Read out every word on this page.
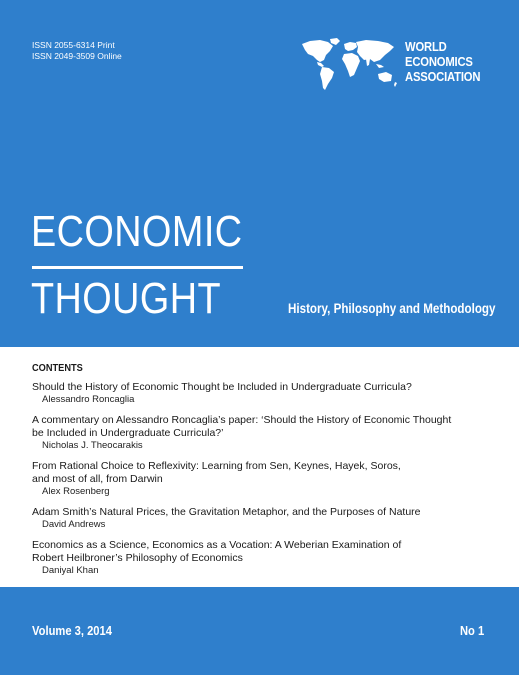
ISSN 2055-6314 Print
ISSN 2049-3509 Online
WORLD
ECONOMICS
ASSOCIATION
ECONOMIC
THOUGHT	History, Philosophy and Methodology
CONTENTS
Should the History of Economic Thought be Included in Undergraduate Curricula?
Alessandro Roncaglia
A commentary on Alessandro Roncaglia’s paper: ‘Should the History of Economic Thought
be Included in Undergraduate Curricula?’
Nicholas J. Theocarakis
From Rational Choice to Reflexivity: Learning from Sen, Keynes, Hayek, Soros,
and most of all, from Darwin
Alex Rosenberg
Adam Smith’s Natural Prices, the Gravitation Metaphor, and the Purposes of Nature
David Andrews
Economics as a Science, Economics as a Vocation: A Weberian Examination of
Robert Heilbroner’s Philosophy of Economics
Daniyal Khan
Volume 3, 2014	No 1
